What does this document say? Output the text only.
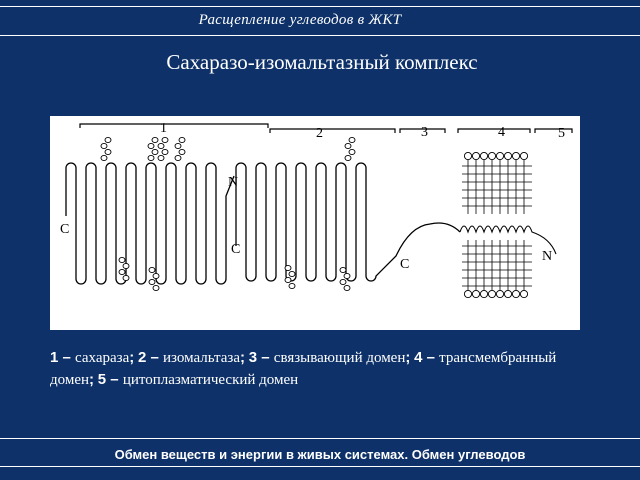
Расщепление углеводов в ЖКТ
Сахаразо-изомальтазный комплекс
1	2	3	4	5
C
N
C
C
N
1 – сахараза; 2 – изомальтаза; 3 – связывающий домен; 4 – трансмембранный домен; 5 – цитоплазматический домен
Обмен веществ и энергии в живых системах. Обмен углеводов
